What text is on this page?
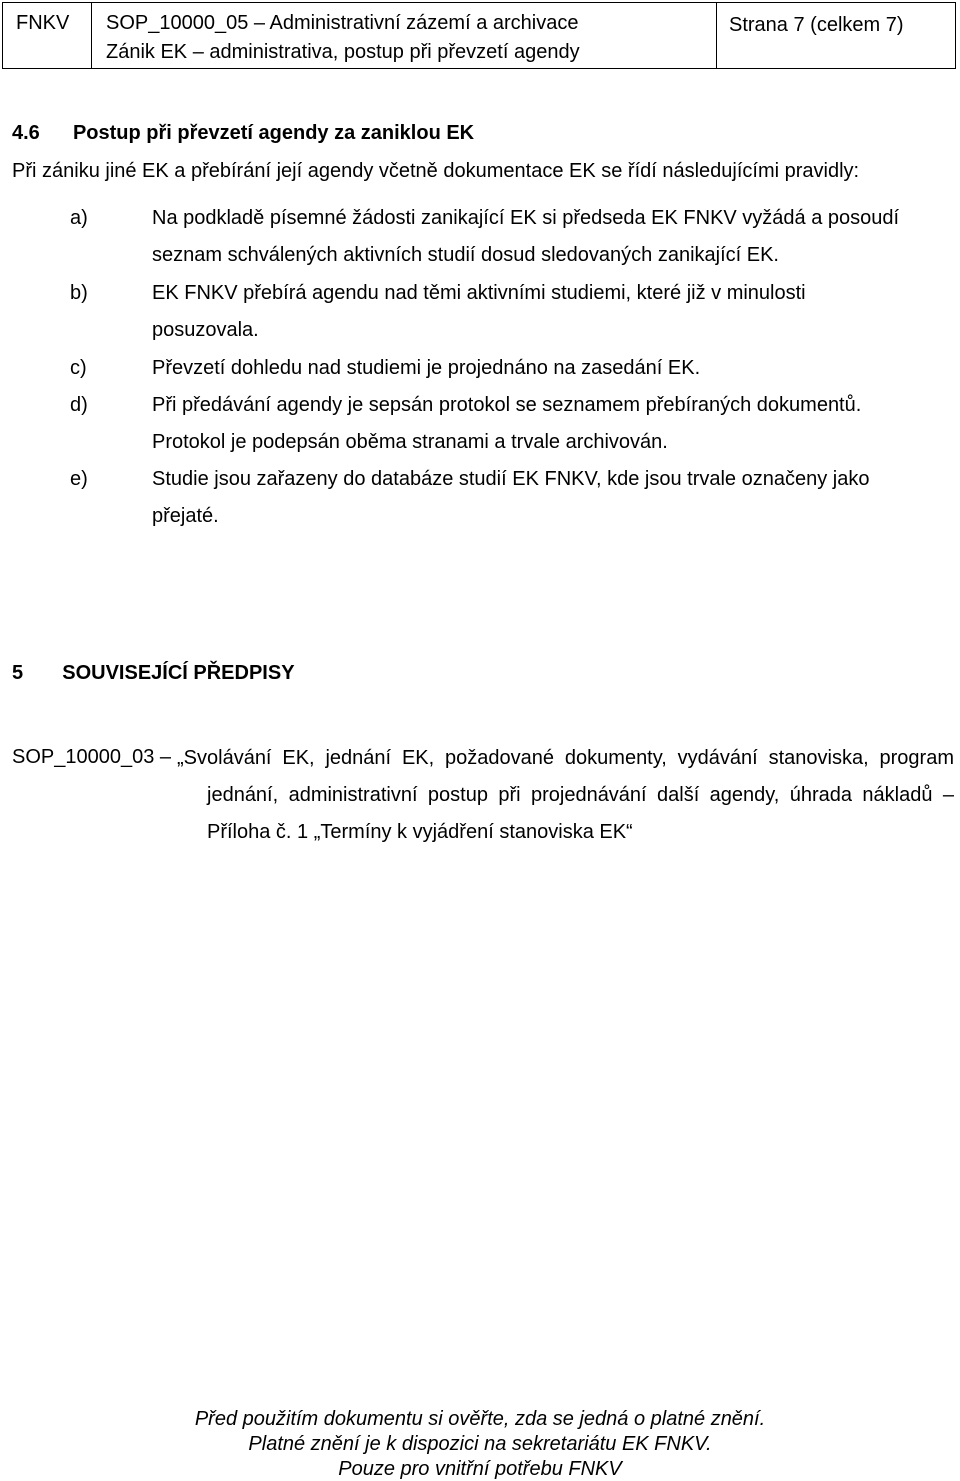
FNKV SOP_10000_05 – Administrativní zázemí a archivace
Zánik EK – administrativa, postup při převzetí agendy
Strana 7 (celkem 7)
4.6 Postup při převzetí agendy za zaniklou EK
Při zániku jiné EK a přebírání její agendy včetně dokumentace EK se řídí následujícími pravidly:
a)	Na podkladě písemné žádosti zanikající EK si předseda EK FNKV vyžádá a posoudí
seznam schválených aktivních studií dosud sledovaných zanikající EK.
b)	EK FNKV přebírá agendu nad těmi aktivními studiemi, které již v minulosti
posuzovala.
c)	Převzetí dohledu nad studiemi je projednáno na zasedání EK.
d)	Při předávání agendy je sepsán protokol se seznamem přebíraných dokumentů.
Protokol je podepsán oběma stranami a trvale archivován.
e)	Studie jsou zařazeny do databáze studií EK FNKV, kde jsou trvale označeny jako
přejaté.
5 SOUVISEJÍCÍ PŘEDPISY
SOP_10000_03 – „Svolávání EK, jednání EK, požadované dokumenty, vydávání stanoviska, program jednání, administrativní postup při projednávání další agendy, úhrada nákladů – Příloha č. 1 „Termíny k vyjádření stanoviska EK“
Před použitím dokumentu si ověřte, zda se jedná o platné znění.
Platné znění je k dispozici na sekretariátu EK FNKV.
Pouze pro vnitřní potřebu FNKV
